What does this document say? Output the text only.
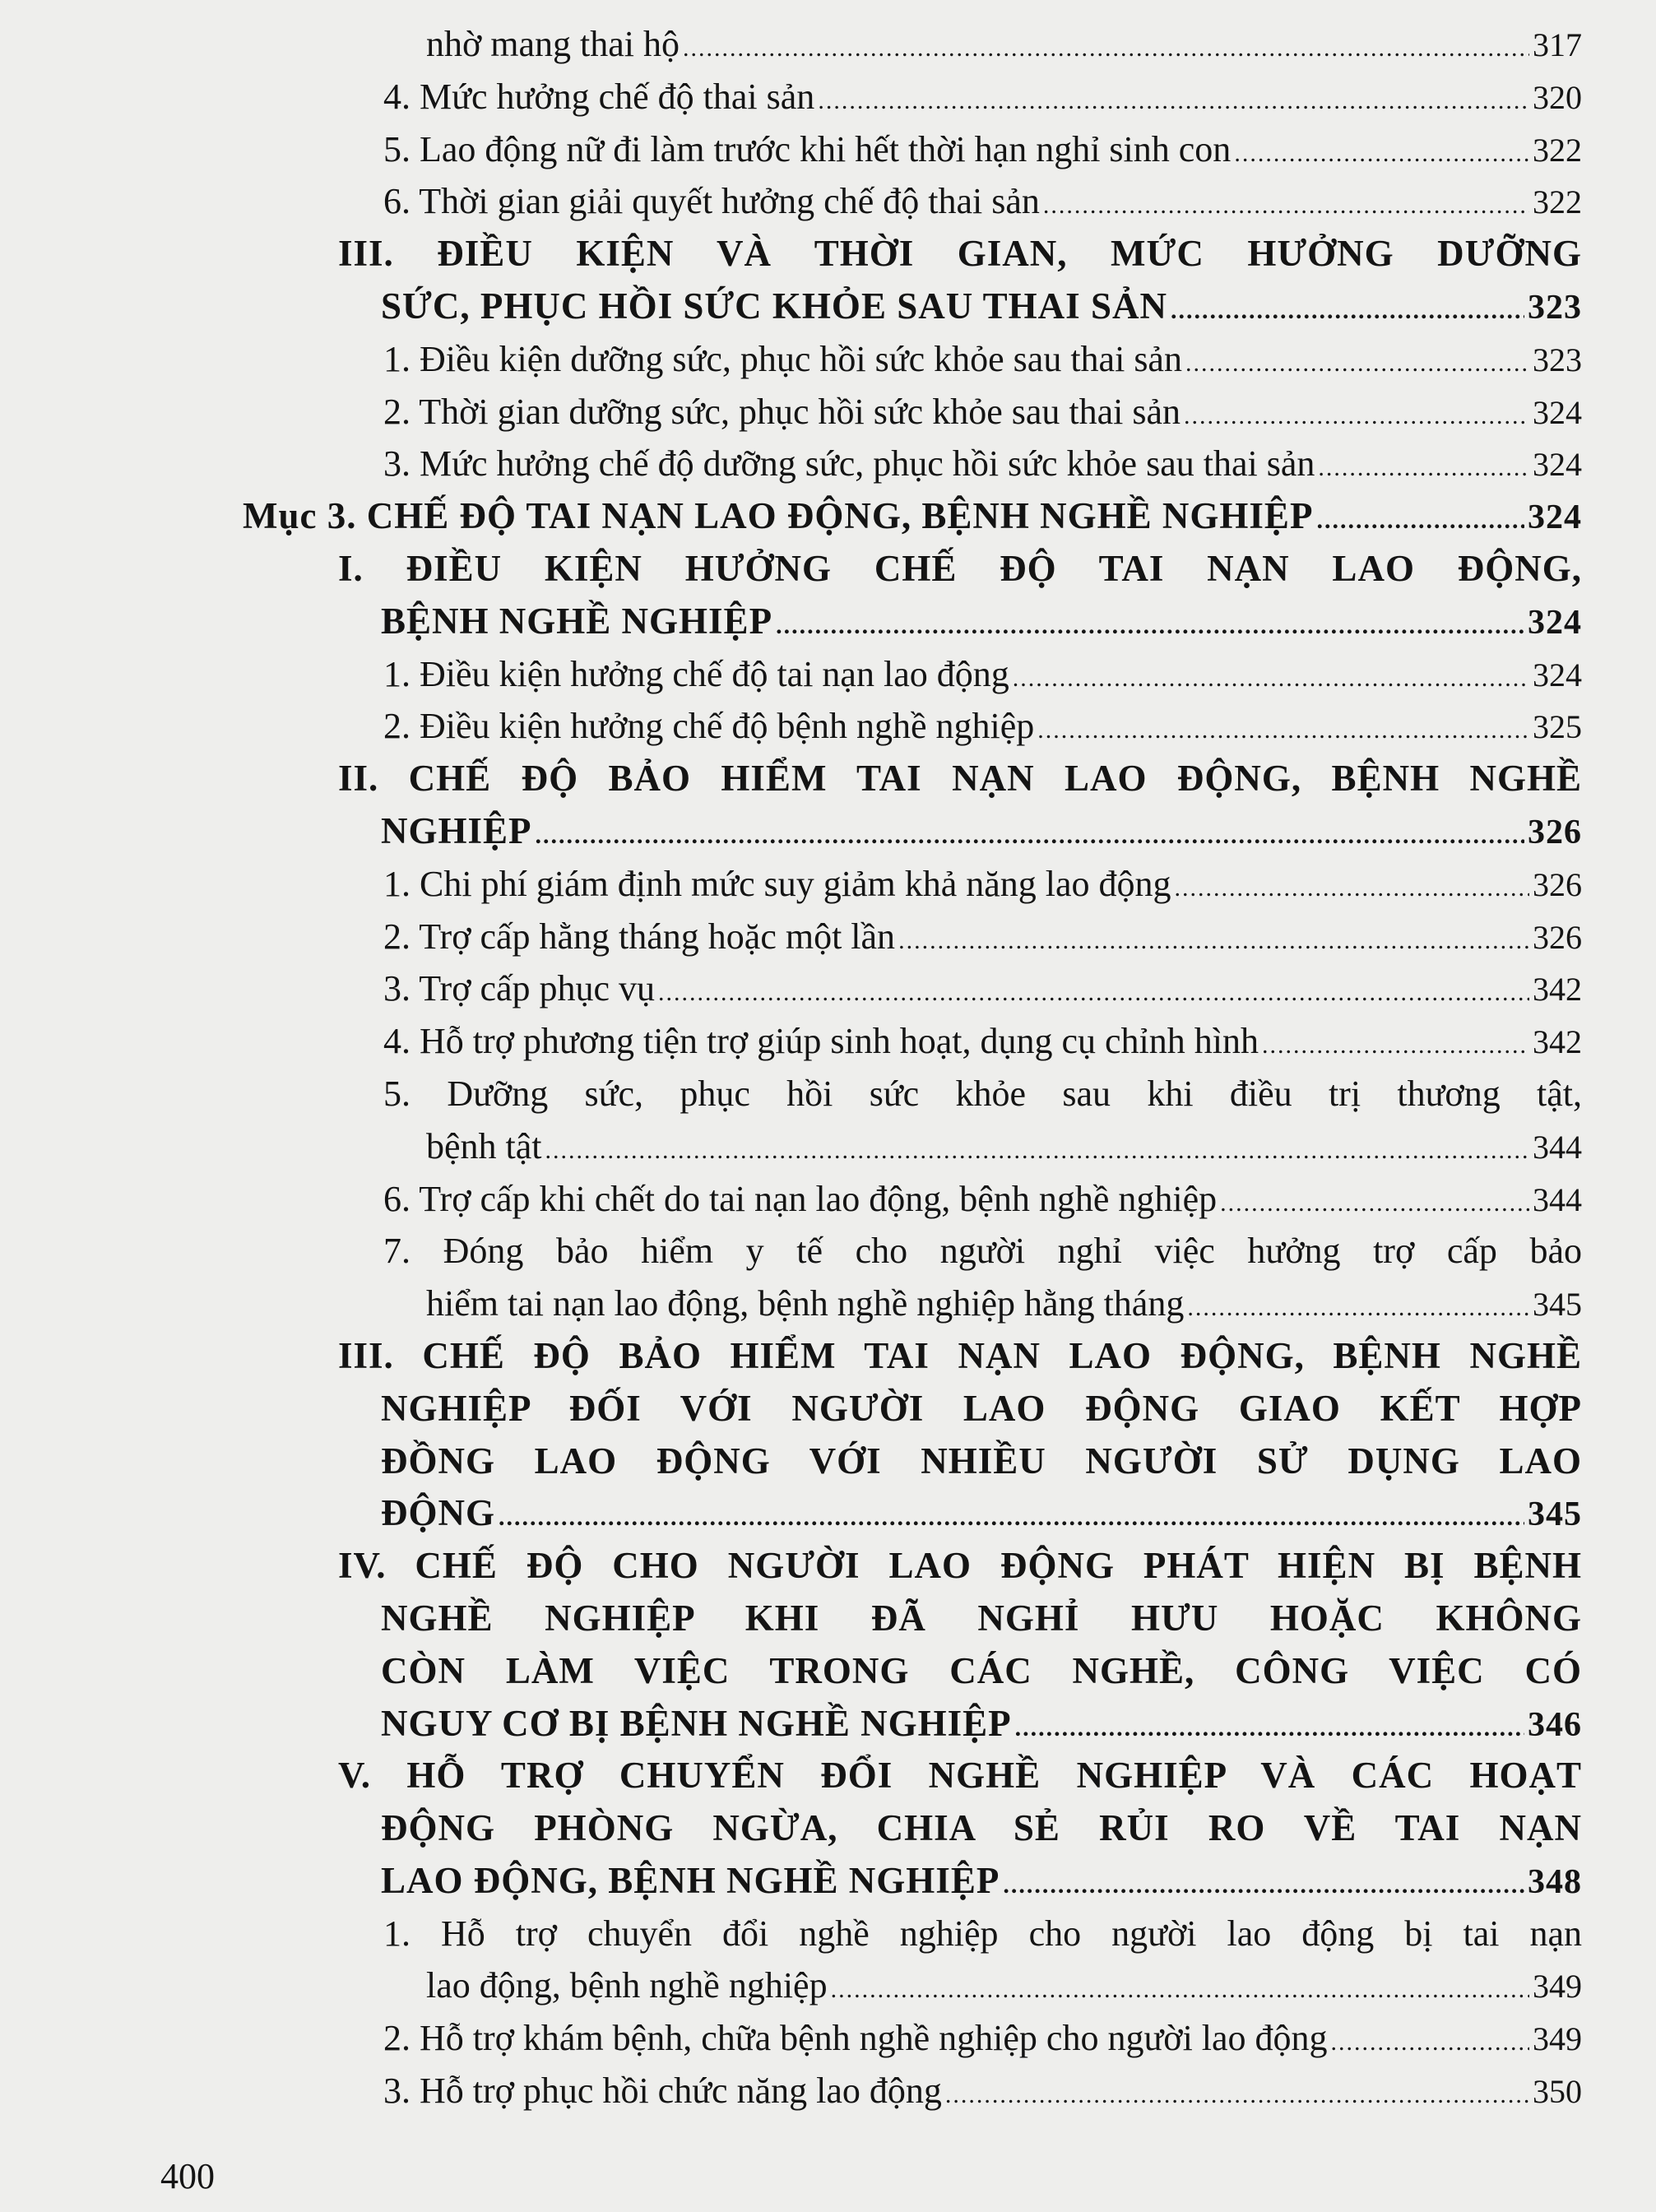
nhờ mang thai hộ .....	317
4. Mức hưởng chế độ thai sản .....	320
5. Lao động nữ đi làm trước khi hết thời hạn nghỉ sinh con .....	322
6. Thời gian giải quyết hưởng chế độ thai sản .....	322
III. ĐIỀU KIỆN VÀ THỜI GIAN, MỨC HƯỞNG DƯỠNG
SỨC, PHỤC HỒI SỨC KHỎE SAU THAI SẢN .....	323
1. Điều kiện dưỡng sức, phục hồi sức khỏe sau thai sản .....	323
2. Thời gian dưỡng sức, phục hồi sức khỏe sau thai sản .....	324
3. Mức hưởng chế độ dưỡng sức, phục hồi sức khỏe sau thai sản .....	324
Mục 3. CHẾ ĐỘ TAI NẠN LAO ĐỘNG, BỆNH NGHỀ NGHIỆP .....	324
I. ĐIỀU KIỆN HƯỞNG CHẾ ĐỘ TAI NẠN LAO ĐỘNG,
BỆNH NGHỀ NGHIỆP .....	324
1. Điều kiện hưởng chế độ tai nạn lao động .....	324
2. Điều kiện hưởng chế độ bệnh nghề nghiệp .....	325
II. CHẾ ĐỘ BẢO HIỂM TAI NẠN LAO ĐỘNG, BỆNH NGHỀ
NGHIỆP .....	326
1. Chi phí giám định mức suy giảm khả năng lao động .....	326
2. Trợ cấp hằng tháng hoặc một lần .....	326
3. Trợ cấp phục vụ .....	342
4. Hỗ trợ phương tiện trợ giúp sinh hoạt, dụng cụ chỉnh hình .....	342
5. Dưỡng sức, phục hồi sức khỏe sau khi điều trị thương tật,
bệnh tật .....	344
6. Trợ cấp khi chết do tai nạn lao động, bệnh nghề nghiệp .....	344
7. Đóng bảo hiểm y tế cho người nghỉ việc hưởng trợ cấp bảo
hiểm tai nạn lao động, bệnh nghề nghiệp hằng tháng .....	345
III. CHẾ ĐỘ BẢO HIỂM TAI NẠN LAO ĐỘNG, BỆNH NGHỀ
NGHIỆP ĐỐI VỚI NGƯỜI LAO ĐỘNG GIAO KẾT HỢP
ĐỒNG LAO ĐỘNG VỚI NHIỀU NGƯỜI SỬ DỤNG LAO
ĐỘNG .....	345
IV. CHẾ ĐỘ CHO NGƯỜI LAO ĐỘNG PHÁT HIỆN BỊ BỆNH
NGHỀ NGHIỆP KHI ĐÃ NGHỈ HƯU HOẶC KHÔNG
CÒN LÀM VIỆC TRONG CÁC NGHỀ, CÔNG VIỆC CÓ
NGUY CƠ BỊ BỆNH NGHỀ NGHIỆP .....	346
V. HỖ TRỢ CHUYỂN ĐỔI NGHỀ NGHIỆP VÀ CÁC HOẠT
ĐỘNG PHÒNG NGỪA, CHIA SẺ RỦI RO VỀ TAI NẠN
LAO ĐỘNG, BỆNH NGHỀ NGHIỆP .....	348
1. Hỗ trợ chuyển đổi nghề nghiệp cho người lao động bị tai nạn
lao động, bệnh nghề nghiệp .....	349
2. Hỗ trợ khám bệnh, chữa bệnh nghề nghiệp cho người lao động .....	349
3. Hỗ trợ phục hồi chức năng lao động .....	350
400
